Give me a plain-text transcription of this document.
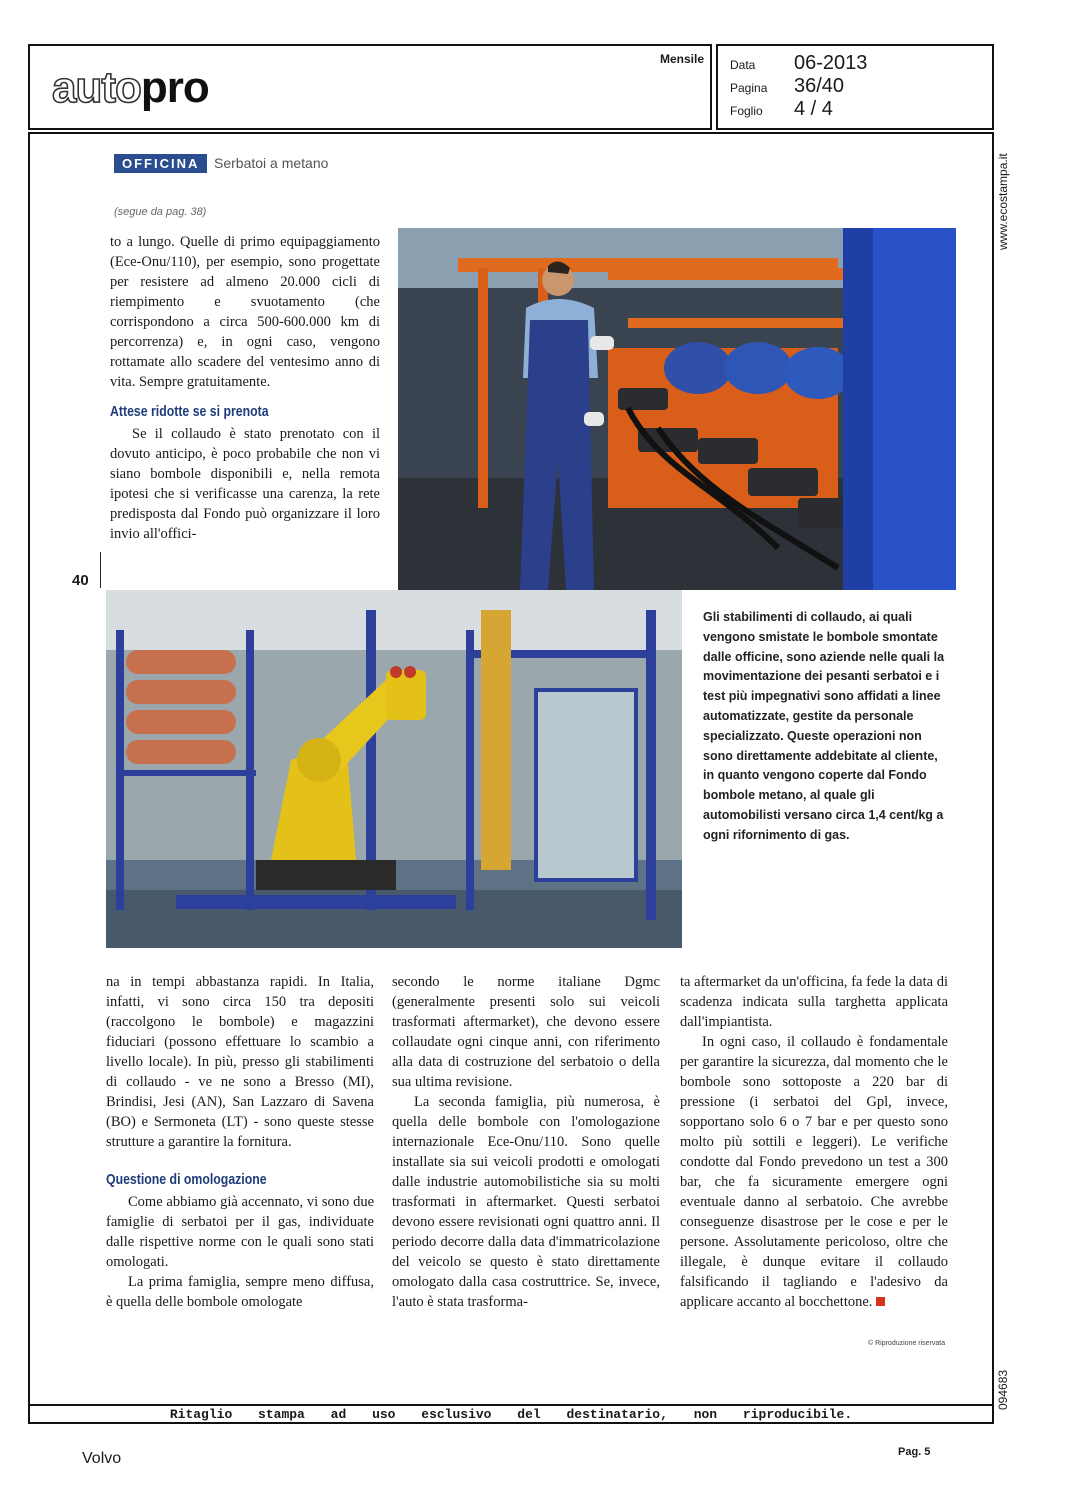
autopro
Mensile Data 06-2013
Pagina 36/40
Foglio 4 / 4
Ritaglio stampa ad uso esclusivo del destinatario, non riproducibile.
www.ecostampa.it
094683
OFFICINA	Serbatoi a metano
(segue da pag. 38)

to a lungo. Quelle di primo equipaggiamento (Ece-Onu/110), per esempio, sono progettate per resistere ad almeno 20.000 cicli di riempimento e svuotamento (che corrispondono a circa 500-600.000 km di percorrenza) e, in ogni caso, vengono rottamate allo scadere del ventesimo anno di vita. Sempre gratuitamente.

Attese ridotte se si prenota

Se il collaudo è stato prenotato con il dovuto anticipo, è poco probabile che non vi siano bombole disponibili e, nella remota ipotesi che si verificasse una carenza, la rete predisposta dal Fondo può organizzare il loro invio all'offici-

40
Gli stabilimenti di collaudo, ai quali vengono smistate le bombole smontate dalle officine, sono aziende nelle quali la movimentazione dei pesanti serbatoi e i test più impegnativi sono affidati a linee automatizzate, gestite da personale specializzato. Queste operazioni non sono direttamente addebitate al cliente, in quanto vengono coperte dal Fondo bombole metano, al quale gli automobilisti versano circa 1,4 cent/kg a ogni rifornimento di gas.

na in tempi abbastanza rapidi. In Italia, infatti, vi sono circa 150 tra depositi (raccolgono le bombole) e magazzini fiduciari (possono effettuare lo scambio a livello locale). In più, presso gli stabilimenti di collaudo - ve ne sono a Bresso (MI), Brindisi, Jesi (AN), San Lazzaro di Savena (BO) e Sermoneta (LT) - sono queste stesse strutture a garantire la fornitura.

Questione di omologazione

Come abbiamo già accennato, vi sono due famiglie di serbatoi per il gas, individuate dalle rispettive norme con le quali sono stati omologati.

La prima famiglia, sempre meno diffusa, è quella delle bombole omologate

secondo le norme italiane Dgmc (generalmente presenti solo sui veicoli trasformati aftermarket), che devono essere collaudate ogni cinque anni, con riferimento alla data di costruzione del serbatoio o della sua ultima revisione.

La seconda famiglia, più numerosa, è quella delle bombole con l'omologazione internazionale Ece-Onu/110. Sono quelle installate sia sui veicoli prodotti e omologati dalle industrie automobilistiche sia su molti trasformati in aftermarket. Questi serbatoi devono essere revisionati ogni quattro anni. Il periodo decorre dalla data d'immatricolazione del veicolo se questo è stato direttamente omologato dalla casa costruttrice. Se, invece, l'auto è stata trasforma-

ta aftermarket da un'officina, fa fede la data di scadenza indicata sulla targhetta applicata dall'impiantista.

In ogni caso, il collaudo è fondamentale per garantire la sicurezza, dal momento che le bombole sono sottoposte a 220 bar di pressione (i serbatoi del Gpl, invece, sopportano solo 6 o 7 bar e per questo sono molto più sottili e leggeri). Le verifiche condotte dal Fondo prevedono un test a 300 bar, che fa sicuramente emergere ogni eventuale danno al serbatoio. Che avrebbe conseguenze disastrose per le cose e per le persone. Assolutamente pericoloso, oltre che illegale, è dunque evitare il collaudo falsificando il tagliando e l'adesivo da applicare accanto al bocchettone.

© Riproduzione riservata
Volvo	Pag. 5
